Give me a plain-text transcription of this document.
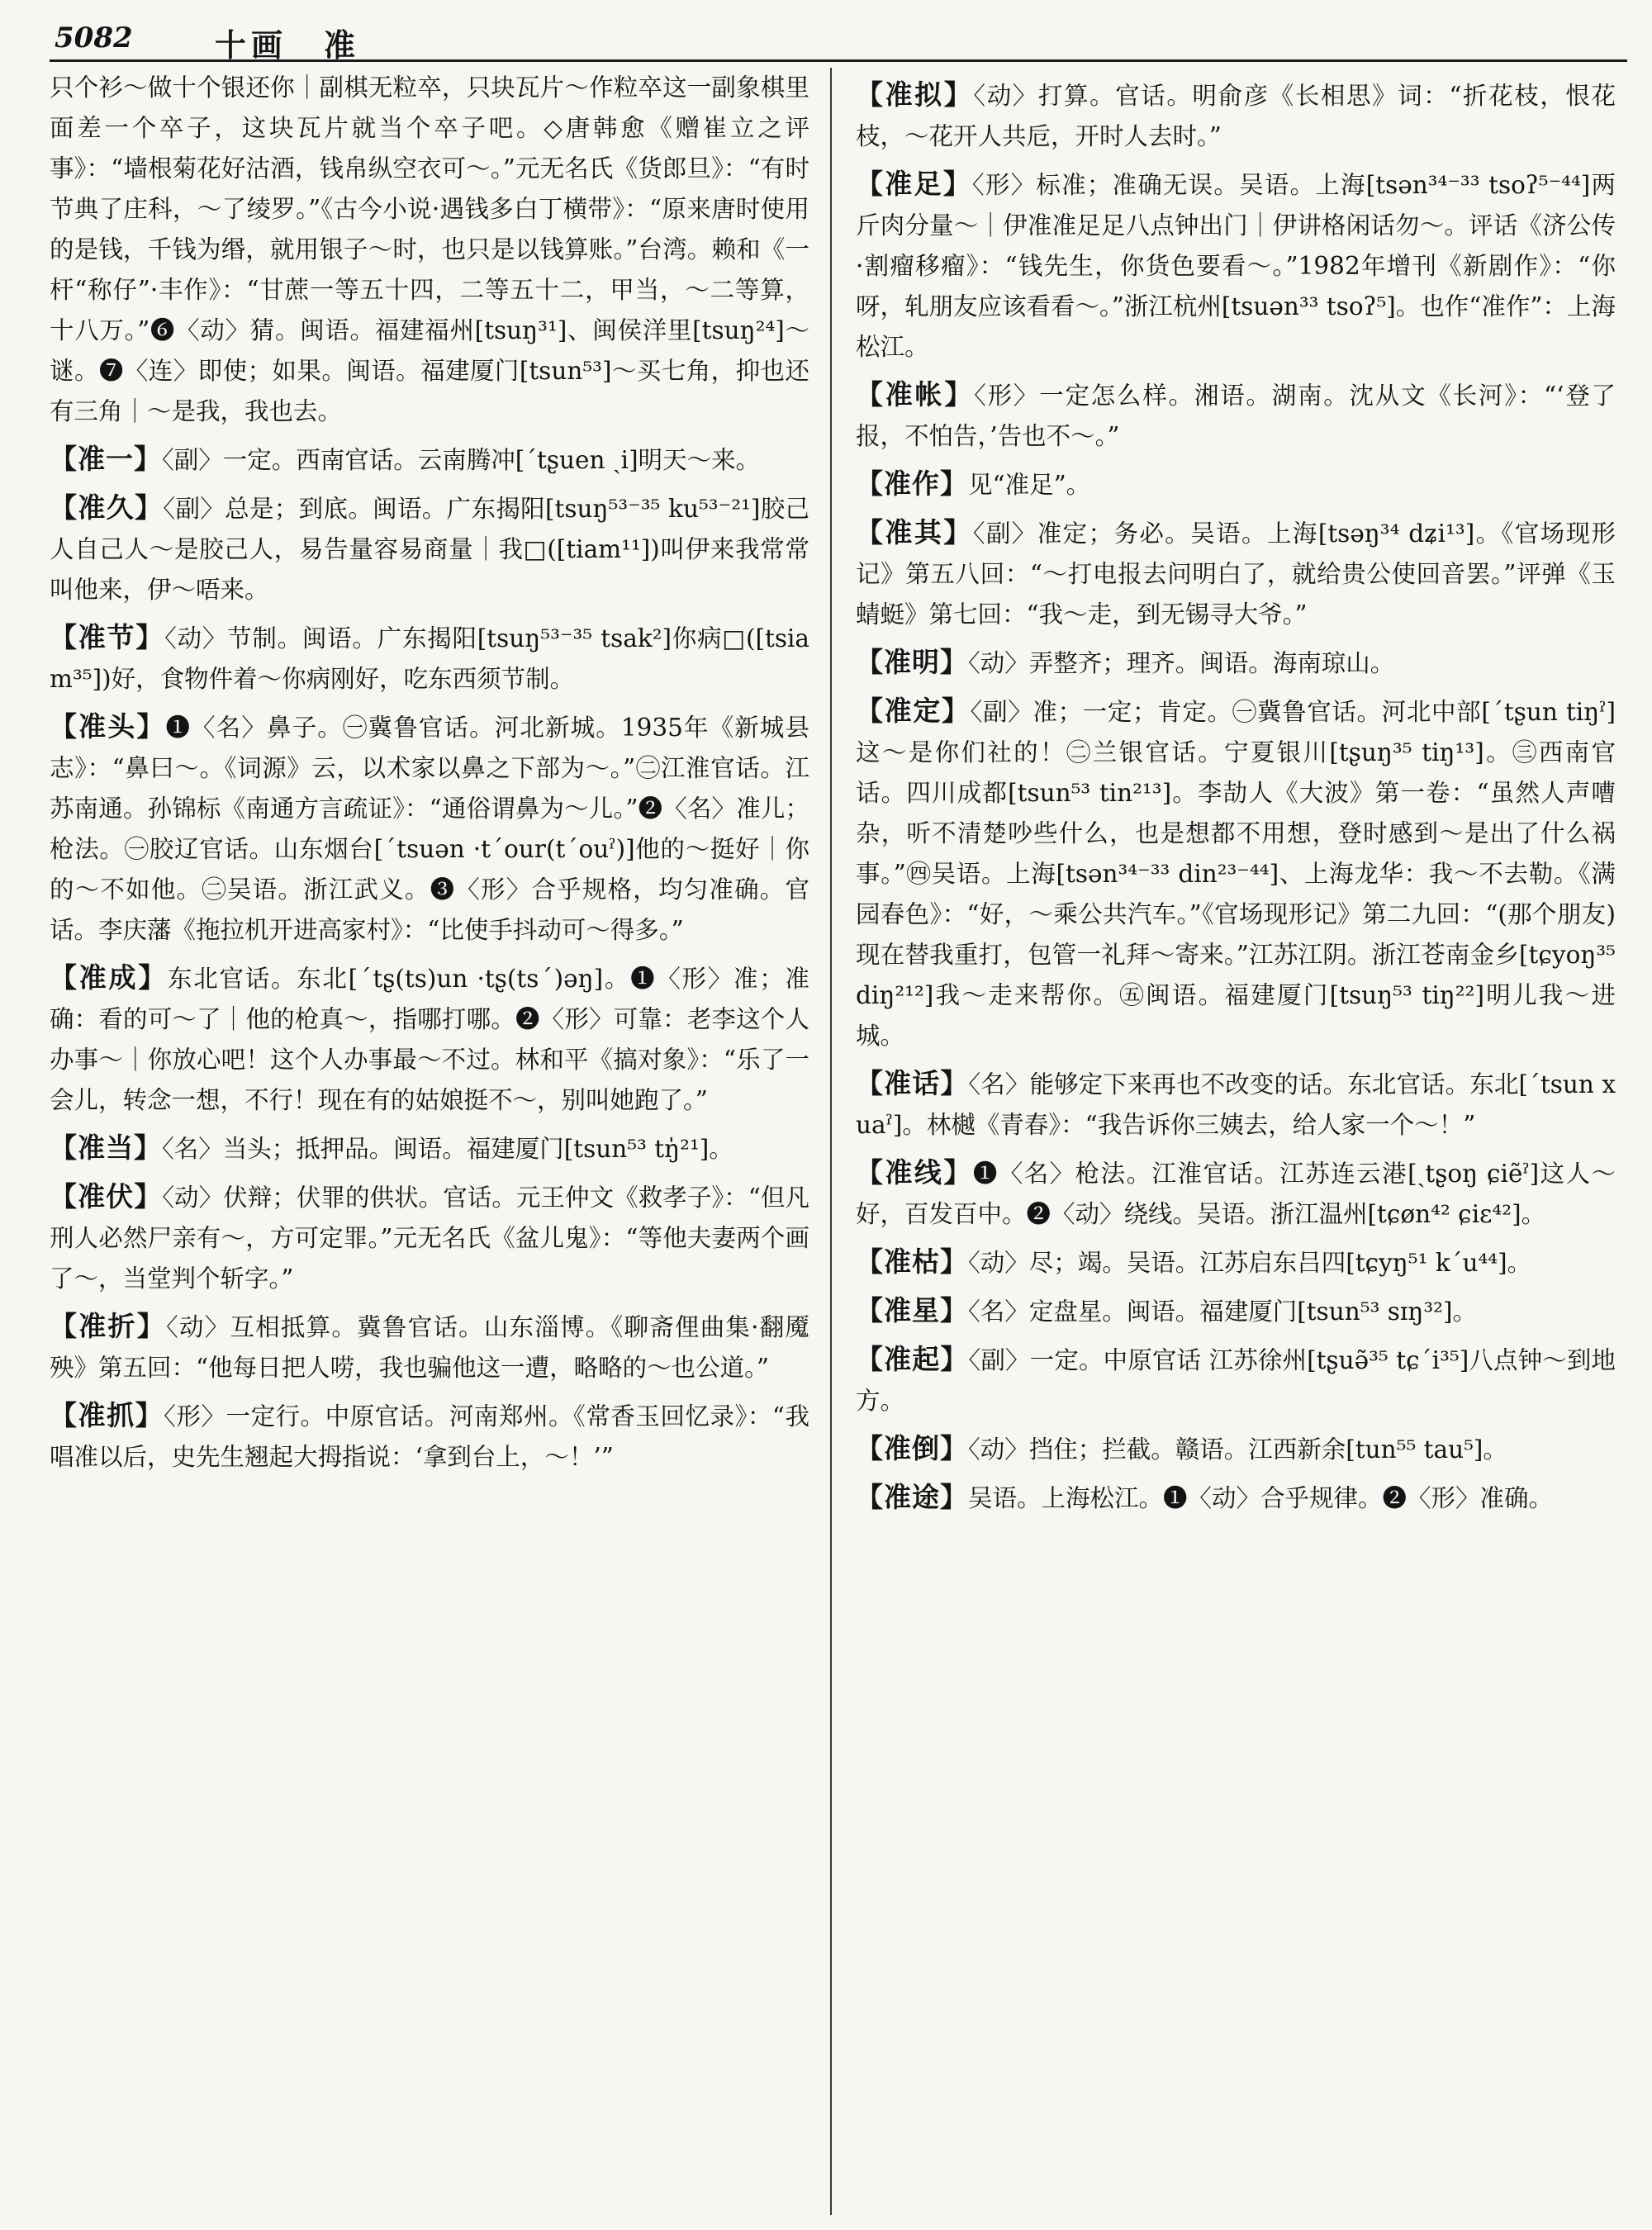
5082	十画　准

只个衫～做十个银还你｜副棋无粒卒，只块瓦片～作粒卒这一副象棋里面差一个卒子，这块瓦片就当个卒子吧。◇唐韩愈《赠崔立之评事》：“墙根菊花好沽酒，钱帛纵空衣可～。”元无名氏《货郎旦》：“有时节典了庄科，～了绫罗。”《古今小说·遇钱多白丁横带》：“原来唐时使用的是钱，千钱为缗，就用银子～时，也只是以钱算账。”台湾。赖和《一杆“称仔”·丰作》：“甘蔗一等五十四，二等五十二，甲当，～二等算，十八万。”❻〈动〉猜。闽语。福建福州[tsuŋ³¹]、闽侯洋里[tsuŋ²⁴]～谜。❼〈连〉即使；如果。闽语。福建厦门[tsun⁵³]～买七角，抑也还有三角｜～是我，我也去。

【 准一 】 〈副〉一定。西南官话。云南腾冲[ˊtʂuen ˏi]明天～来。

【 准久 】 〈副〉总是；到底。闽语。广东揭阳[tsuŋ⁵³⁻³⁵ ku⁵³⁻²¹]胶己人自己人～是胶己人，易告量容易商量｜我□([tiam¹¹])叫伊来我常常叫他来，伊～唔来。

【 准节 】 〈动〉节制。闽语。广东揭阳[tsuŋ⁵³⁻³⁵ tsak²]你病□([tsiam³⁵])好，食物件着～你病刚好，吃东西须节制。

【 准头 】 ❶〈名〉鼻子。㊀冀鲁官话。河北新城。1935年《新城县志》：“鼻曰～。《词源》云，以术家以鼻之下部为～。”㊁江淮官话。江苏南通。孙锦标《南通方言疏证》：“通俗谓鼻为～儿。”❷〈名〉准儿；枪法。㊀胶辽官话。山东烟台[ˊtsuən ·tˊour(tˊouˀ)]他的～挺好｜你的～不如他。㊁吴语。浙江武义。❸〈形〉合乎规格，均匀准确。官话。李庆藩《拖拉机开进高家村》：“比使手抖动可～得多。”

【 准成 】 东北官话。东北[ˊtʂ(ts)un ·tʂ(tsˊ)əŋ]。❶〈形〉准；准确：看的可～了｜他的枪真～，指哪打哪。❷〈形〉可靠：老李这个人办事～｜你放心吧！这个人办事最～不过。林和平《搞对象》：“乐了一会儿，转念一想，不行！现在有的姑娘挺不～，别叫她跑了。”

【 准当 】 〈名〉当头；抵押品。闽语。福建厦门[tsun⁵³ tŋ̍²¹]。

【 准伏 】 〈动〉伏辩；伏罪的供状。官话。元王仲文《救孝子》：“但凡刑人必然尸亲有～，方可定罪。”元无名氏《盆儿鬼》：“等他夫妻两个画了～，当堂判个斩字。”

【 准折 】 〈动〉互相抵算。冀鲁官话。山东淄博。《聊斋俚曲集·翻魇殃》第五回：“他每日把人唠，我也骗他这一遭，略略的～也公道。”

【 准抓 】 〈形〉一定行。中原官话。河南郑州。《常香玉回忆录》：“我唱准以后，史先生翘起大拇指说：‘拿到台上，～！’”

【 准拟 】 〈动〉打算。官话。明俞彦《长相思》词：“折花枝，恨花枝，～花开人共卮，开时人去时。”

【 准足 】 〈形〉标准；准确无误。吴语。上海[tsən³⁴⁻³³ tsoʔ⁵⁻⁴⁴]两斤肉分量～｜伊准准足足八点钟出门｜伊讲格闲话勿～。评话《济公传·割瘤移瘤》：“钱先生，你货色要看～。”1982年增刊《新剧作》：“你呀，轧朋友应该看看～。”浙江杭州[tsuən³³ tsoʔ⁵]。也作“准作”：上海松江。

【 准帐 】 〈形〉一定怎么样。湘语。湖南。沈从文《长河》：“‘登了报，不怕告，’告也不～。”

【 准作 】 见“准足”。

【 准其 】 〈副〉准定；务必。吴语。上海[tsəŋ³⁴ dʑi¹³]。《官场现形记》第五八回：“～打电报去问明白了，就给贵公使回音罢。”评弹《玉蜻蜓》第七回：“我～走，到无锡寻大爷。”

【 准明 】 〈动〉弄整齐；理齐。闽语。海南琼山。

【 准定 】 〈副〉准；一定；肯定。㊀冀鲁官话。河北中部[ˊtʂun tiŋˀ]这～是你们社的！㊁兰银官话。宁夏银川[tʂuŋ³⁵ tiŋ¹³]。㊂西南官话。四川成都[tsun⁵³ tin²¹³]。李劼人《大波》第一卷：“虽然人声嘈杂，听不清楚吵些什么，也是想都不用想，登时感到～是出了什么祸事。”㊃吴语。上海[tsən³⁴⁻³³ din²³⁻⁴⁴]、上海龙华：我～不去勒。《满园春色》：“好，～乘公共汽车。”《官场现形记》第二九回：“(那个朋友)现在替我重打，包管一礼拜～寄来。”江苏江阴。浙江苍南金乡[tɕyoŋ³⁵ diŋ²¹²]我～走来帮你。㊄闽语。福建厦门[tsuŋ⁵³ tiŋ²²]明儿我～进城。

【 准话 】 〈名〉能够定下来再也不改变的话。东北官话。东北[ˊtsun xuaˀ]。林樾《青春》：“我告诉你三姨去，给人家一个～！”

【 准线 】 ❶〈名〉枪法。江淮官话。江苏连云港[ˏtʂoŋ ɕiẽˀ]这人～好，百发百中。❷〈动〉绕线。吴语。浙江温州[tɕøn⁴² ɕiɛ⁴²]。

【 准枯 】 〈动〉尽；竭。吴语。江苏启东吕四[tɕyŋ⁵¹ kˊu⁴⁴]。

【 准星 】 〈名〉定盘星。闽语。福建厦门[tsun⁵³ sɪŋ³²]。

【 准起 】 〈副〉一定。中原官话 江苏徐州[tʂuə̃³⁵ tɕˊi³⁵]八点钟～到地方。

【 准倒 】 〈动〉挡住；拦截。赣语。江西新余[tun⁵⁵ tau⁵]。

【 准途 】 吴语。上海松江。❶〈动〉合乎规律。❷〈形〉准确。
